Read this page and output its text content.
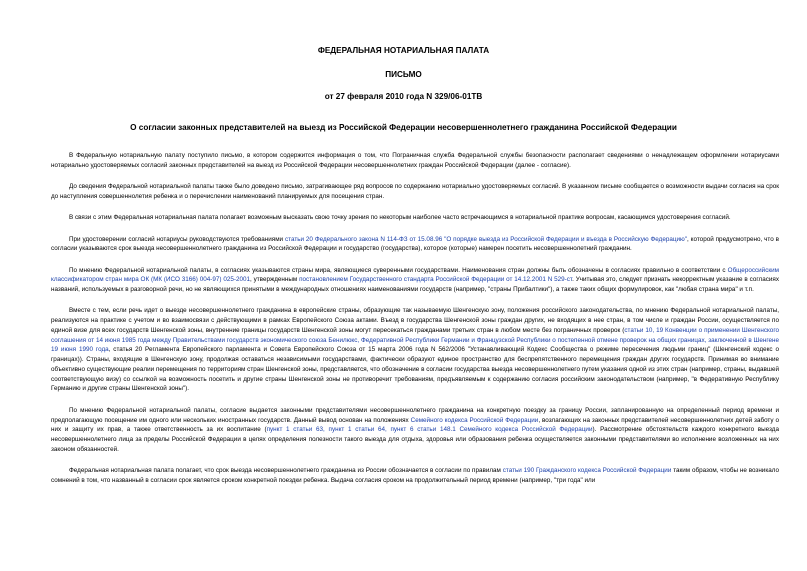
ФЕДЕРАЛЬНАЯ НОТАРИАЛЬНАЯ ПАЛАТА

ПИСЬМО

от 27 февраля 2010 года N 329/06-01ТВ

О согласии законных представителей на выезд из Российской Федерации несовершеннолетнего гражданина Российской Федерации

В Федеральную нотариальную палату поступило письмо, в котором содержится информация о том, что Пограничная служба Федеральной службы безопасности располагает сведениями о ненадлежащем оформлении нотариусами нотариально удостоверяемых согласий законных представителей на выезд из Российской Федерации несовершеннолетних граждан Российской Федерации (далее - согласие).

До сведения Федеральной нотариальной палаты также было доведено письмо, затрагивающее ряд вопросов по содержанию нотариально удостоверяемых согласий. В указанном письме сообщается о возможности выдачи согласия на срок до наступления совершеннолетия ребенка и о перечислении наименований планируемых для посещения стран.

В связи с этим Федеральная нотариальная палата полагает возможным высказать свою точку зрения по некоторым наиболее часто встречающимся в нотариальной практике вопросам, касающимся удостоверения согласий.

При удостоверении согласий нотариусы руководствуются требованиями статьи 20 Федерального закона N 114-ФЗ от 15.08.96 "О порядке выезда из Российской Федерации и въезда в Российскую Федерацию", которой предусмотрено, что в согласии указываются срок выезда несовершеннолетнего гражданина из Российской Федерации и государство (государства), которое (которые) намерен посетить несовершеннолетний гражданин.

По мнению Федеральной нотариальной палаты, в согласиях указываются страны мира, являющиеся суверенными государствами. Наименования стран должны быть обозначены в согласиях правильно в соответствии с Общероссийским классификатором стран мира ОК (МК (ИСО 3166) 004-97) 025-2001, утвержденным постановлением Государственного стандарта Российской Федерации от 14.12.2001 N 529-ст. Учитывая это, следует признать некорректным указание в согласиях названий, используемых в разговорной речи, но не являющихся принятыми в международных отношениях наименованиями государств (например, "страны Прибалтики"), а также таких общих формулировок, как "любая страна мира" и т.п.

Вместе с тем, если речь идет о выезде несовершеннолетнего гражданина в европейские страны, образующие так называемую Шенгенскую зону, положения российского законодательства, по мнению Федеральной нотариальной палаты, реализуются на практике с учетом и во взаимосвязи с действующими в рамках Европейского Союза актами. Въезд в государства Шенгенской зоны граждан других, не входящих в нее стран, в том числе и граждан России, осуществляется по единой визе для всех государств Шенгенской зоны, внутренние границы государств Шенгенской зоны могут пересекаться гражданами третьих стран в любом месте без пограничных проверок (статьи 10, 19 Конвенции о применении Шенгенского соглашения от 14 июня 1985 года между Правительствами государств экономического союза Бенилюкс, Федеративной Республики Германии и Французской Республики о постепенной отмене проверок на общих границах, заключенной в Шенгене 19 июня 1990 года, статья 20 Регламента Европейского парламента и Совета Европейского Союза от 15 марта 2006 года N 562/2006 "Устанавливающий Кодекс Сообщества о режиме пересечения людьми границ" (Шенгенский кодекс о границах)). Страны, входящие в Шенгенскую зону, продолжая оставаться независимыми государствами, фактически образуют единое пространство для беспрепятственного перемещения граждан других государств. Принимая во внимание объективно существующие реалии перемещения по территориям стран Шенгенской зоны, представляется, что обозначение в согласии государства выезда несовершеннолетнего путем указания одной из этих стран (например, страны, выдавшей соответствующую визу) со ссылкой на возможность посетить и другие страны Шенгенской зоны не противоречит требованиям, предъявляемым к содержанию согласия российским законодательством (например, "в Федеративную Республику Германию и другие страны Шенгенской зоны").

По мнению Федеральной нотариальной палаты, согласие выдается законными представителями несовершеннолетнего гражданина на конкретную поездку за границу России, запланированную на определенный период времени и предполагающую посещение им одного или нескольких иностранных государств. Данный вывод основан на положениях Семейного кодекса Российской Федерации, возлагающих на законных представителей несовершеннолетних детей заботу о них и защиту их прав, а также ответственность за их воспитание (пункт 1 статьи 63, пункт 1 статьи 64, пункт 6 статьи 148.1 Семейного кодекса Российской Федерации). Рассмотрение обстоятельств каждого конкретного выезда несовершеннолетнего лица за пределы Российской Федерации в целях определения полезности такого выезда для отдыха, здоровья или образования ребенка осуществляется законными представителями во исполнение возложенных на них законом обязанностей.

Федеральная нотариальная палата полагает, что срок выезда несовершеннолетнего гражданина из России обозначается в согласии по правилам статьи 190 Гражданского кодекса Российской Федерации таким образом, чтобы не возникало сомнений в том, что названный в согласии срок является сроком конкретной поездки ребенка. Выдача согласия сроком на продолжительный период времени (например, "три года" или
